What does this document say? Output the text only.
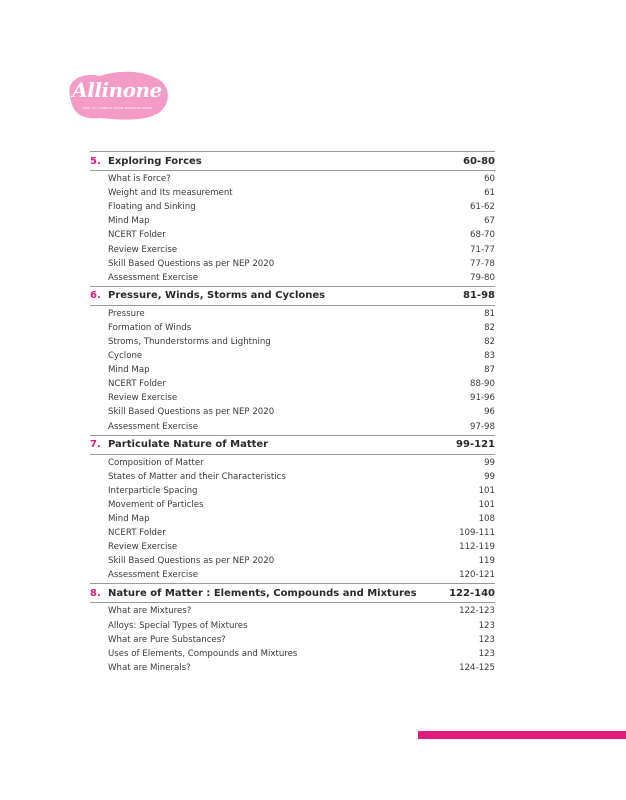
Allinone
CBSE ALL SUBJECT EXAM ORIENTED BOOK
5. Exploring Forces	60-80
What is Force?	60
Weight and Its measurement	61
Floating and Sinking	61-62
Mind Map	67
NCERT Folder	68-70
Review Exercise	71-77
Skill Based Questions as per NEP 2020	77-78
Assessment Exercise	79-80
6. Pressure, Winds, Storms and Cyclones	81-98
Pressure	81
Formation of Winds	82
Stroms, Thunderstorms and Lightning	82
Cyclone	83
Mind Map	87
NCERT Folder	88-90
Review Exercise	91-96
Skill Based Questions as per NEP 2020	96
Assessment Exercise	97-98
7. Particulate Nature of Matter	99-121
Composition of Matter	99
States of Matter and their Characteristics	99
Interparticle Spacing	101
Movement of Particles	101
Mind Map	108
NCERT Folder	109-111
Review Exercise	112-119
Skill Based Questions as per NEP 2020	119
Assessment Exercise	120-121
8. Nature of Matter : Elements, Compounds and Mixtures	122-140
What are Mixtures?	122-123
Alloys: Special Types of Mixtures	123
What are Pure Substances?	123
Uses of Elements, Compounds and Mixtures	123
What are Minerals?	124-125
